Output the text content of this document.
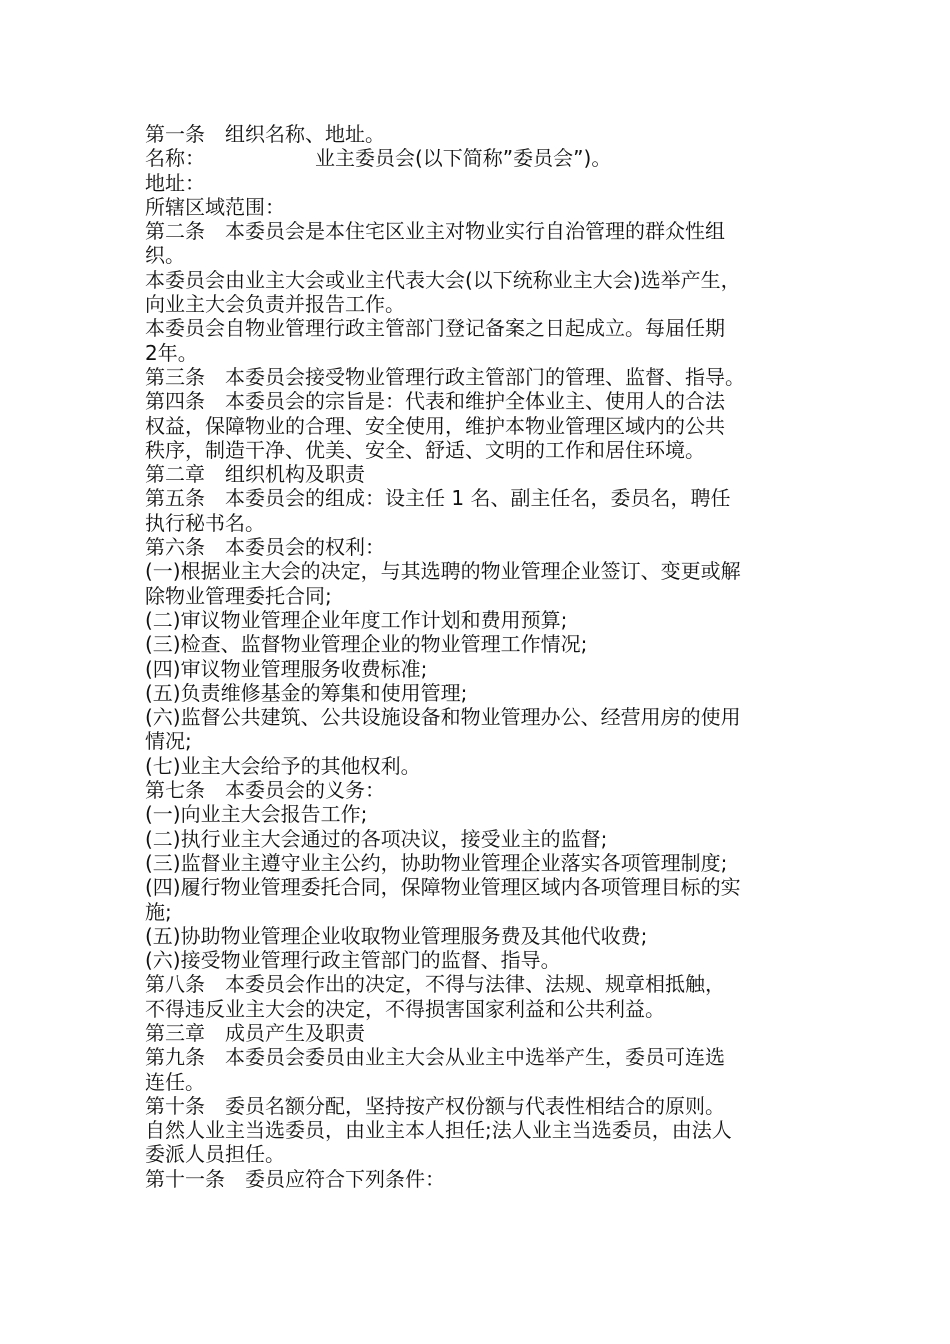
第一条　组织名称、地址。
名称：　　　　　　业主委员会(以下简称”委员会”)。
地址：
所辖区域范围：
第二条　本委员会是本住宅区业主对物业实行自治管理的群众性组
织。
本委员会由业主大会或业主代表大会(以下统称业主大会)选举产生，
向业主大会负责并报告工作。
本委员会自物业管理行政主管部门登记备案之日起成立。每届任期
2年。
第三条　本委员会接受物业管理行政主管部门的管理、监督、指导。
第四条　本委员会的宗旨是：代表和维护全体业主、使用人的合法
权益，保障物业的合理、安全使用，维护本物业管理区域内的公共
秩序，制造干净、优美、安全、舒适、文明的工作和居住环境。
第二章　组织机构及职责
第五条　本委员会的组成：设主任 1 名、副主任名，委员名，聘任
执行秘书名。
第六条　本委员会的权利：
(一)根据业主大会的决定，与其选聘的物业管理企业签订、变更或解
除物业管理委托合同;
(二)审议物业管理企业年度工作计划和费用预算;
(三)检查、监督物业管理企业的物业管理工作情况;
(四)审议物业管理服务收费标准;
(五)负责维修基金的筹集和使用管理;
(六)监督公共建筑、公共设施设备和物业管理办公、经营用房的使用
情况;
(七)业主大会给予的其他权利。
第七条　本委员会的义务：
(一)向业主大会报告工作;
(二)执行业主大会通过的各项决议，接受业主的监督;
(三)监督业主遵守业主公约，协助物业管理企业落实各项管理制度;
(四)履行物业管理委托合同，保障物业管理区域内各项管理目标的实
施;
(五)协助物业管理企业收取物业管理服务费及其他代收费;
(六)接受物业管理行政主管部门的监督、指导。
第八条　本委员会作出的决定，不得与法律、法规、规章相抵触，
不得违反业主大会的决定，不得损害国家利益和公共利益。
第三章　成员产生及职责
第九条　本委员会委员由业主大会从业主中选举产生，委员可连选
连任。
第十条　委员名额分配，坚持按产权份额与代表性相结合的原则。
自然人业主当选委员，由业主本人担任;法人业主当选委员，由法人
委派人员担任。
第十一条　委员应符合下列条件：
